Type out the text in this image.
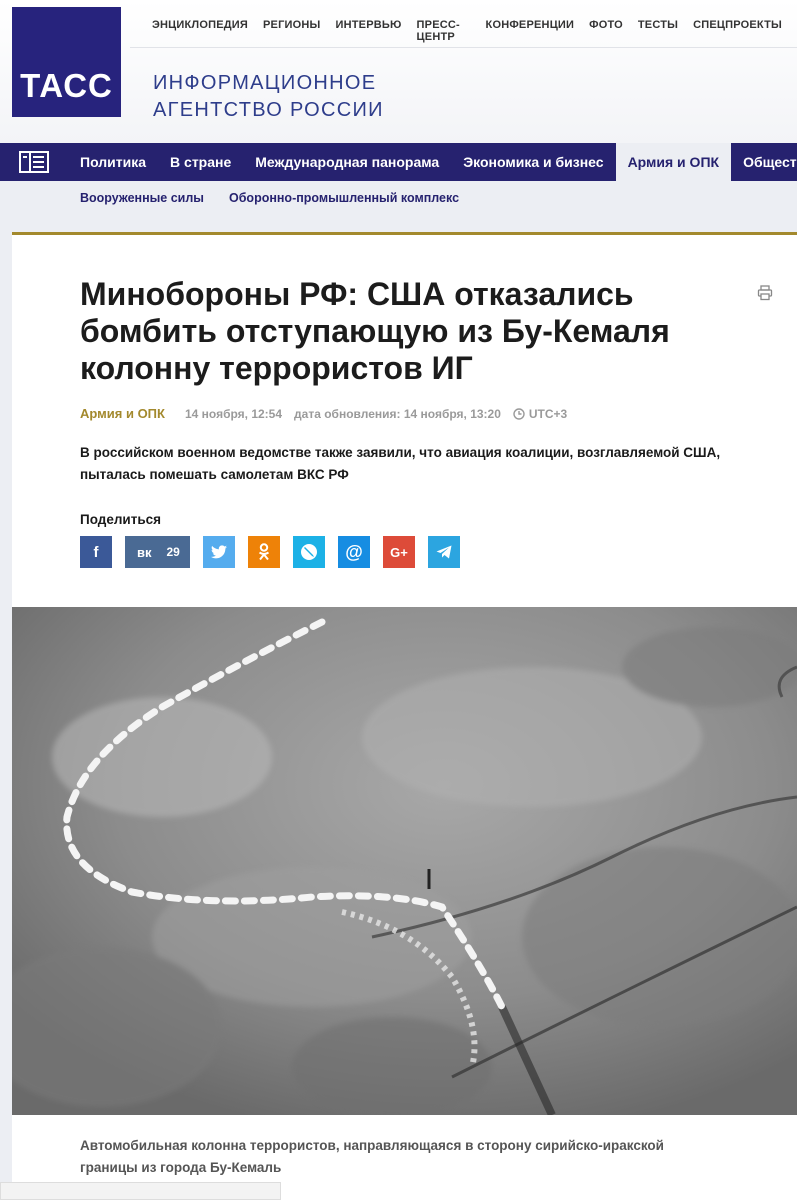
ТАСС
ЭНЦИКЛОПЕДИЯ РЕГИОНЫ ИНТЕРВЬЮ ПРЕСС-ЦЕНТР
КОНФЕРЕНЦИИ ФОТО ТЕСТЫ СПЕЦПРОЕКТЫ
ИНФОРМАЦИОННОЕ
АГЕНТСТВО РОССИИ
Политика	В стране	Международная панорама	Экономика и бизнес	Армия и ОПК	Общест
Вооруженные силы Оборонно-промышленный комплекс
Минобороны РФ: США отказались бомбить отступающую из Бу-Кемаля колонну террористов ИГ
Армия и ОПК 14 ноября, 12:54 дата обновления: 14 ноября, 13:20 UTC+3

В российском военном ведомстве также заявили, что авиация коалиции, возглавляемой США, пыталась помешать самолетам ВКС РФ

Поделиться
f	вк 29	@ G+

Автомобильная колонна террористов, направляющаяся в сторону сирийско-иракской границы из города Бу-Кемаль
